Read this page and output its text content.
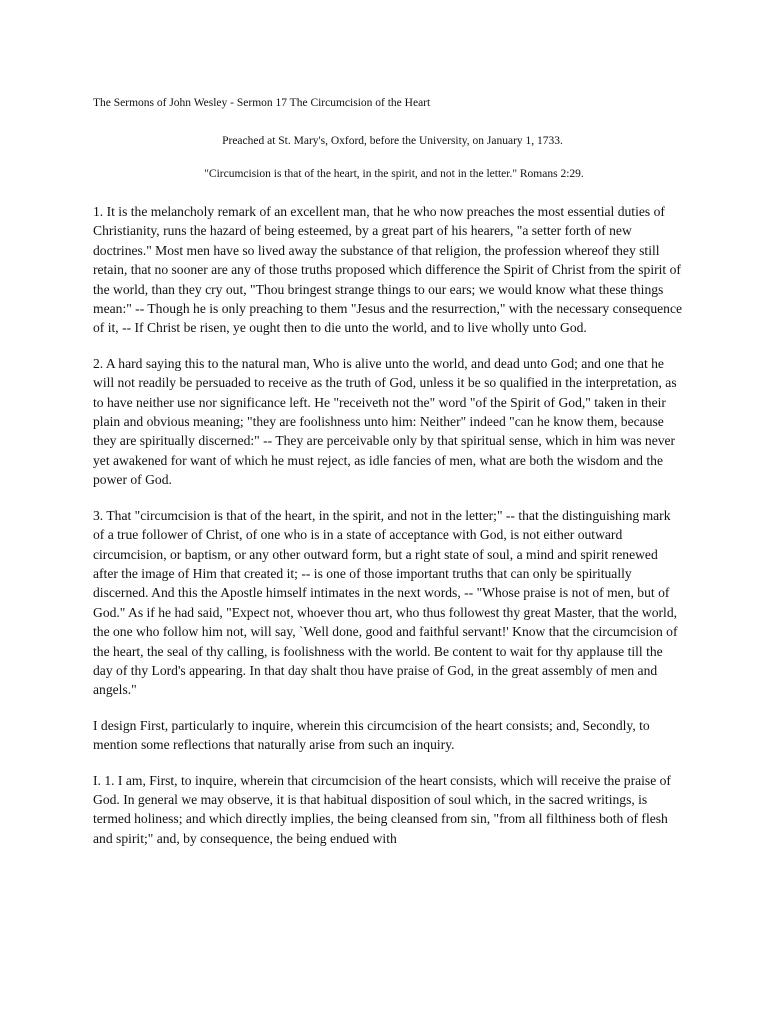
The Sermons of John Wesley - Sermon 17 The Circumcision of the Heart
Preached at St. Mary's, Oxford, before the University, on January 1, 1733.
"Circumcision is that of the heart, in the spirit, and not in the letter." Romans 2:29.

1. It is the melancholy remark of an excellent man, that he who now preaches the most essential duties of Christianity, runs the hazard of being esteemed, by a great part of his hearers, "a setter forth of new doctrines." Most men have so lived away the substance of that religion, the profession whereof they still retain, that no sooner are any of those truths proposed which difference the Spirit of Christ from the spirit of the world, than they cry out, "Thou bringest strange things to our ears; we would know what these things mean:" -- Though he is only preaching to them "Jesus and the resurrection," with the necessary consequence of it, -- If Christ be risen, ye ought then to die unto the world, and to live wholly unto God.

2. A hard saying this to the natural man, Who is alive unto the world, and dead unto God; and one that he will not readily be persuaded to receive as the truth of God, unless it be so qualified in the interpretation, as to have neither use nor significance left. He "receiveth not the" word "of the Spirit of God," taken in their plain and obvious meaning; "they are foolishness unto him: Neither" indeed "can he know them, because they are spiritually discerned:" -- They are perceivable only by that spiritual sense, which in him was never yet awakened for want of which he must reject, as idle fancies of men, what are both the wisdom and the power of God.

3. That "circumcision is that of the heart, in the spirit, and not in the letter;" -- that the distinguishing mark of a true follower of Christ, of one who is in a state of acceptance with God, is not either outward circumcision, or baptism, or any other outward form, but a right state of soul, a mind and spirit renewed after the image of Him that created it; -- is one of those important truths that can only be spiritually discerned. And this the Apostle himself intimates in the next words, -- "Whose praise is not of men, but of God." As if he had said, "Expect not, whoever thou art, who thus followest thy great Master, that the world, the one who follow him not, will say, `Well done, good and faithful servant!' Know that the circumcision of the heart, the seal of thy calling, is foolishness with the world. Be content to wait for thy applause till the day of thy Lord's appearing. In that day shalt thou have praise of God, in the great assembly of men and angels."

I design First, particularly to inquire, wherein this circumcision of the heart consists; and, Secondly, to mention some reflections that naturally arise from such an inquiry.

I. 1. I am, First, to inquire, wherein that circumcision of the heart consists, which will receive the praise of God. In general we may observe, it is that habitual disposition of soul which, in the sacred writings, is termed holiness; and which directly implies, the being cleansed from sin, "from all filthiness both of flesh and spirit;" and, by consequence, the being endued with
